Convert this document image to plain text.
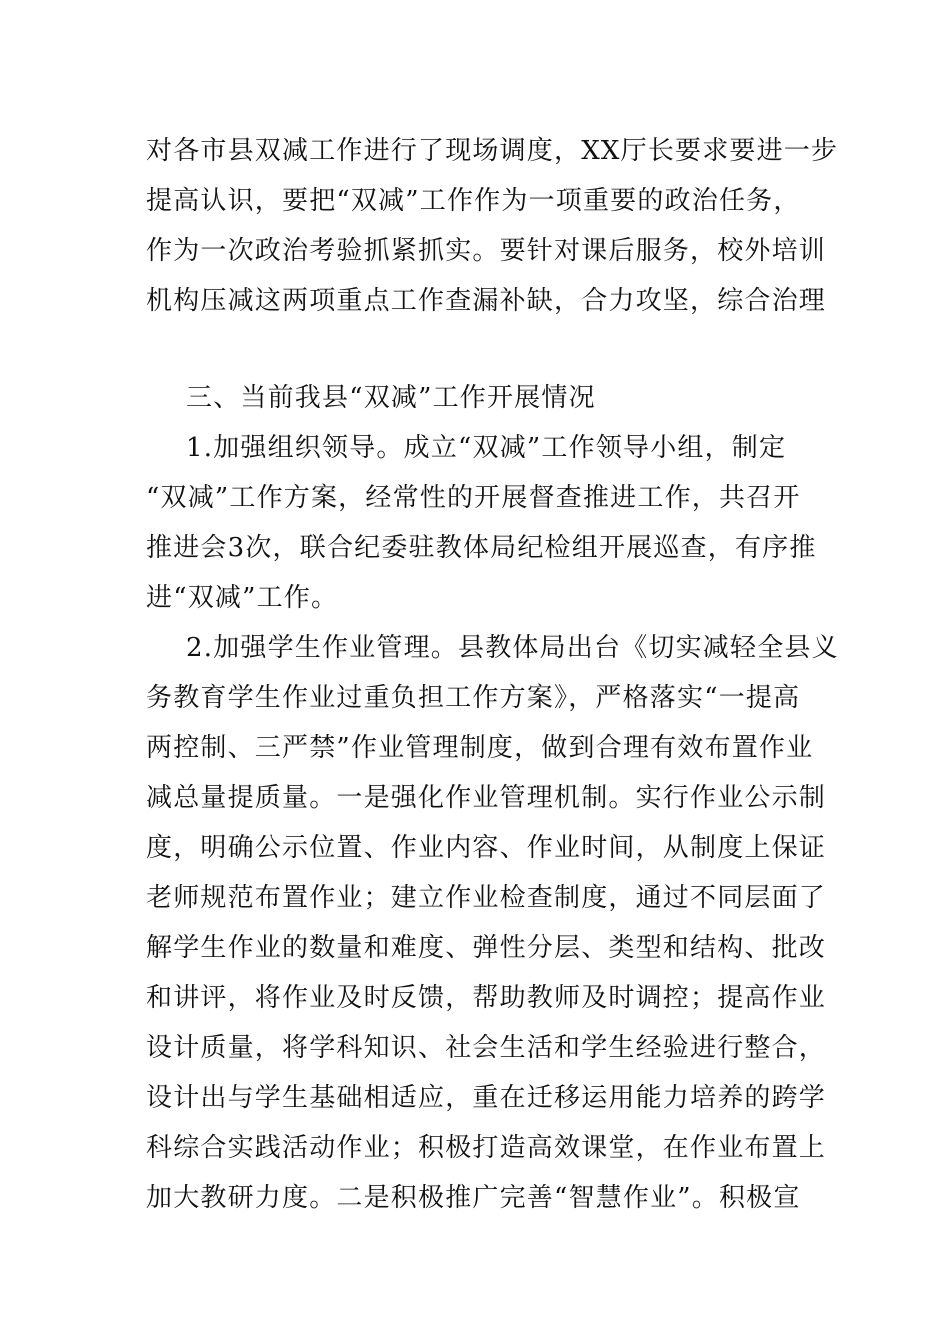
对各市县双减工作进行了现场调度，XX厅长要求要进一步
提高认识，要把“双减”工作作为一项重要的政治任务，
作为一次政治考验抓紧抓实。要针对课后服务，校外培训
机构压减这两项重点工作查漏补缺，合力攻坚，综合治理
三、当前我县“双减”工作开展情况
1.加强组织领导。成立“双减”工作领导小组，制定
“双减”工作方案，经常性的开展督查推进工作，共召开
推进会3次，联合纪委驻教体局纪检组开展巡查，有序推
进“双减”工作。
2.加强学生作业管理。县教体局出台《切实减轻全县义
务教育学生作业过重负担工作方案》，严格落实“一提高
两控制、三严禁”作业管理制度，做到合理有效布置作业
减总量提质量。一是强化作业管理机制。实行作业公示制
度，明确公示位置、作业内容、作业时间，从制度上保证
老师规范布置作业；建立作业检查制度，通过不同层面了
解学生作业的数量和难度、弹性分层、类型和结构、批改
和讲评，将作业及时反馈，帮助教师及时调控；提高作业
设计质量，将学科知识、社会生活和学生经验进行整合，
设计出与学生基础相适应，重在迁移运用能力培养的跨学
科综合实践活动作业；积极打造高效课堂，在作业布置上
加大教研力度。二是积极推广完善“智慧作业”。积极宣
